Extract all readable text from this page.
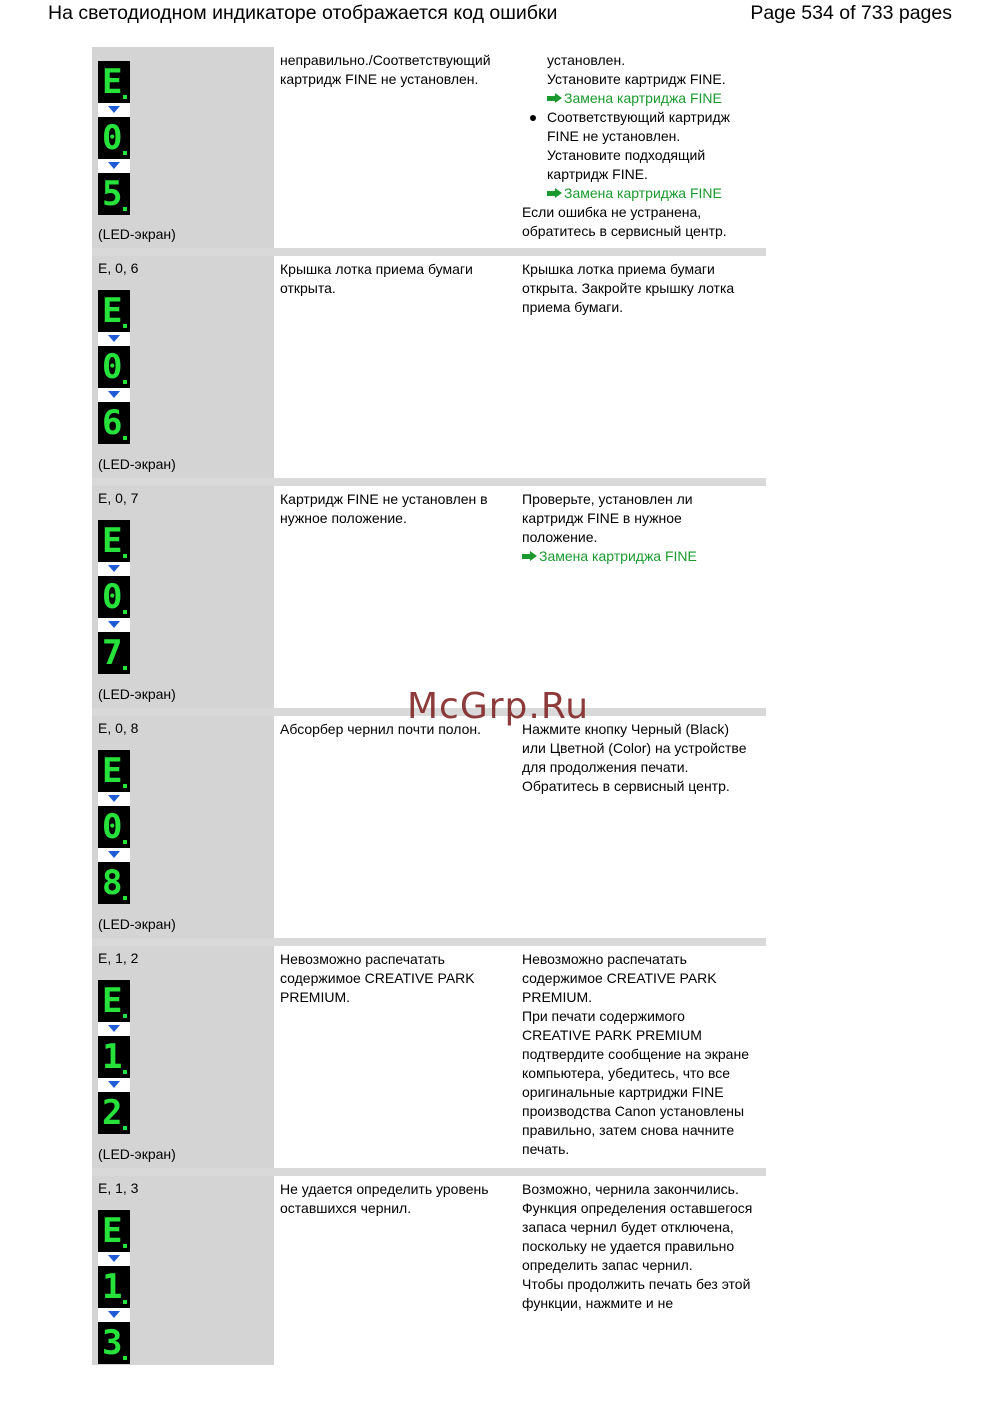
На светодиодном индикаторе отображается код ошибки	Page 534 of 733 pages
E
0
5
(LED-экран)
неправильно./Соответствующий картридж FINE не установлен.
установлен.
Установите картридж FINE.
Замена картриджа FINE
Соответствующий картридж FINE не установлен.
Установите подходящий картридж FINE.
Замена картриджа FINE
Если ошибка не устранена, обратитесь в сервисный центр.
E, 0, 6
E
0
6
(LED-экран)
Крышка лотка приема бумаги открыта.
Крышка лотка приема бумаги открыта. Закройте крышку лотка приема бумаги.
E, 0, 7
E
0
7
(LED-экран)
Картридж FINE не установлен в нужное положение.
Проверьте, установлен ли картридж FINE в нужное положение.
Замена картриджа FINE
E, 0, 8
E
0
8
(LED-экран)
Абсорбер чернил почти полон.	Нажмите кнопку Черный (Black) или Цветной (Color) на устройстве для продолжения печати. Обратитесь в сервисный центр.
E, 1, 2
E
1
2
(LED-экран)
Невозможно распечатать содержимое CREATIVE PARK PREMIUM.
Невозможно распечатать содержимое CREATIVE PARK PREMIUM.
При печати содержимого CREATIVE PARK PREMIUM подтвердите сообщение на экране компьютера, убедитесь, что все оригинальные картриджи FINE производства Canon установлены правильно, затем снова начните печать.
E, 1, 3
E
1
3
Не удается определить уровень оставшихся чернил.
Возможно, чернила закончились.
Функция определения оставшегося запаса чернил будет отключена, поскольку не удается правильно определить запас чернил.
Чтобы продолжить печать без этой функции, нажмите и не
McGrp.Ru
